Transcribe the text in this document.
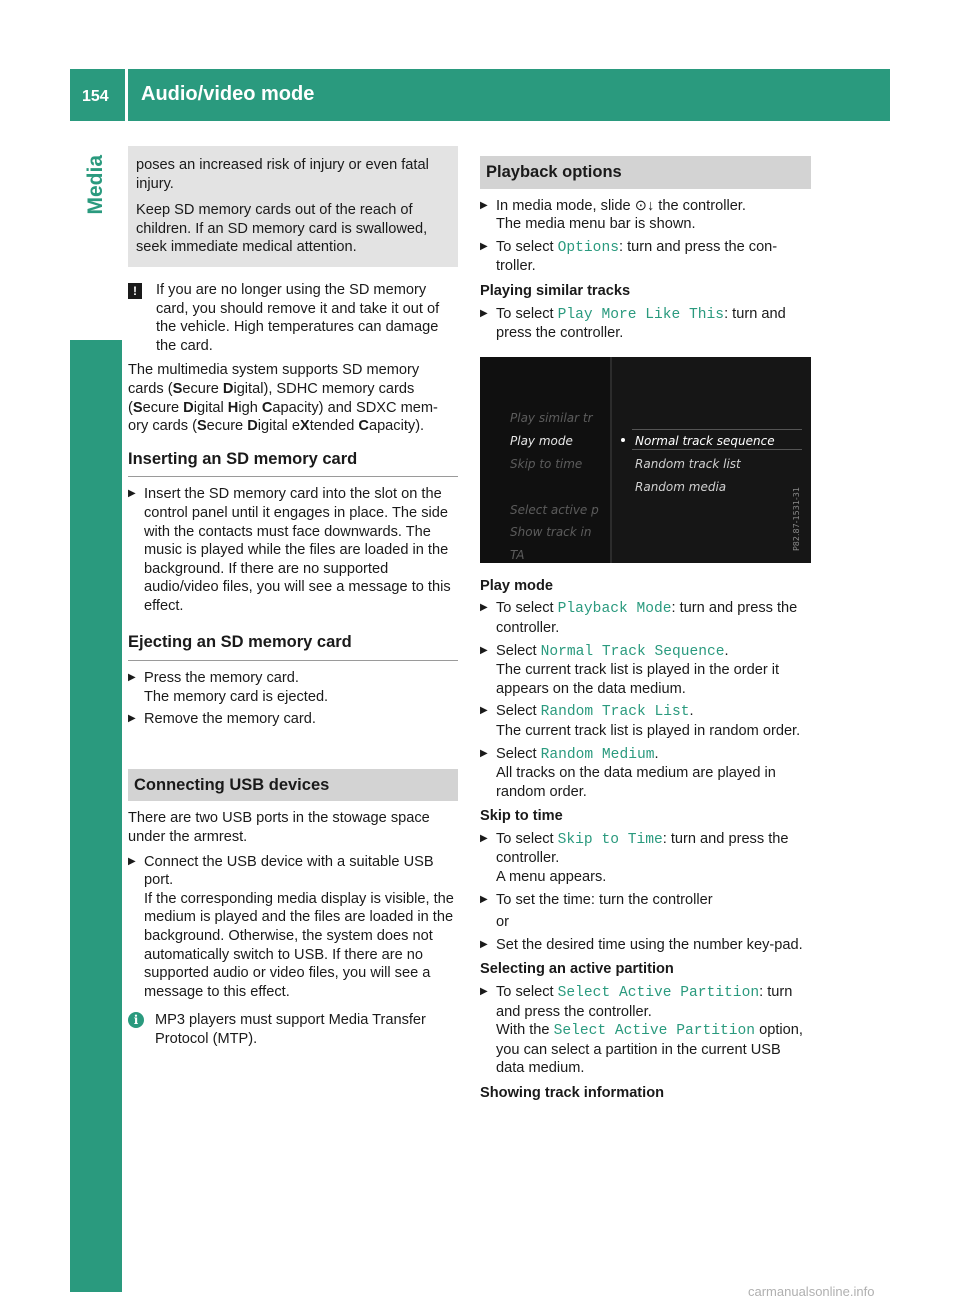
154 Audio/video mode
Media poses an increased risk of injury or even fatal injury.

Keep SD memory cards out of the reach of children. If an SD memory card is swallowed, seek immediate medical attention.

!	If you are no longer using the SD memory card, you should remove it and take it out of the vehicle. High temperatures can damage the card.

The multimedia system supports SD memory cards (Secure Digital), SDHC memory cards (Secure Digital High Capacity) and SDXC mem-ory cards (Secure Digital eXtended Capacity).

Inserting an SD memory card
▶ Insert the SD memory card into the slot on the control panel until it engages in place. The side with the contacts must face downwards. The music is played while the files are loaded in the background. If there are no supported audio/video files, you will see a message to this effect.
Ejecting an SD memory card
▶ Press the memory card.
The memory card is ejected.
▶ Remove the memory card.
Connecting USB devices

There are two USB ports in the stowage space under the armrest.

▶ Connect the USB device with a suitable USB port.
If the corresponding media display is visible, the medium is played and the files are loaded in the background. Otherwise, the system does not automatically switch to USB. If there are no supported audio or video files, you will see a message to this effect.
i	MP3 players must support Media Transfer Protocol (MTP).
Playback options
▶ In media mode, slide ⊙↓ the controller.
The media menu bar is shown.
▶ To select Options: turn and press the con-troller.
Playing similar tracks
▶ To select Play More Like This: turn and press the controller.
Play similar tr
Play mode
Skip to time
Select active p
Show track in
TA
Normal track sequence
Random track list
Random media	P82.87-1531-31
Play mode
▶ To select Playback Mode: turn and press the controller.
▶ Select Normal Track Sequence.
The current track list is played in the order it appears on the data medium.
▶ Select Random Track List.
The current track list is played in random order.
▶ Select Random Medium.
All tracks on the data medium are played in random order.
Skip to time
▶ To select Skip to Time: turn and press the controller.
A menu appears.
▶ To set the time: turn the controller
or
▶ Set the desired time using the number key-pad.
Selecting an active partition
▶ To select Select Active Partition: turn and press the controller.
With the Select Active Partition option, you can select a partition in the current USB data medium.
Showing track information
carmanualsonline.info
